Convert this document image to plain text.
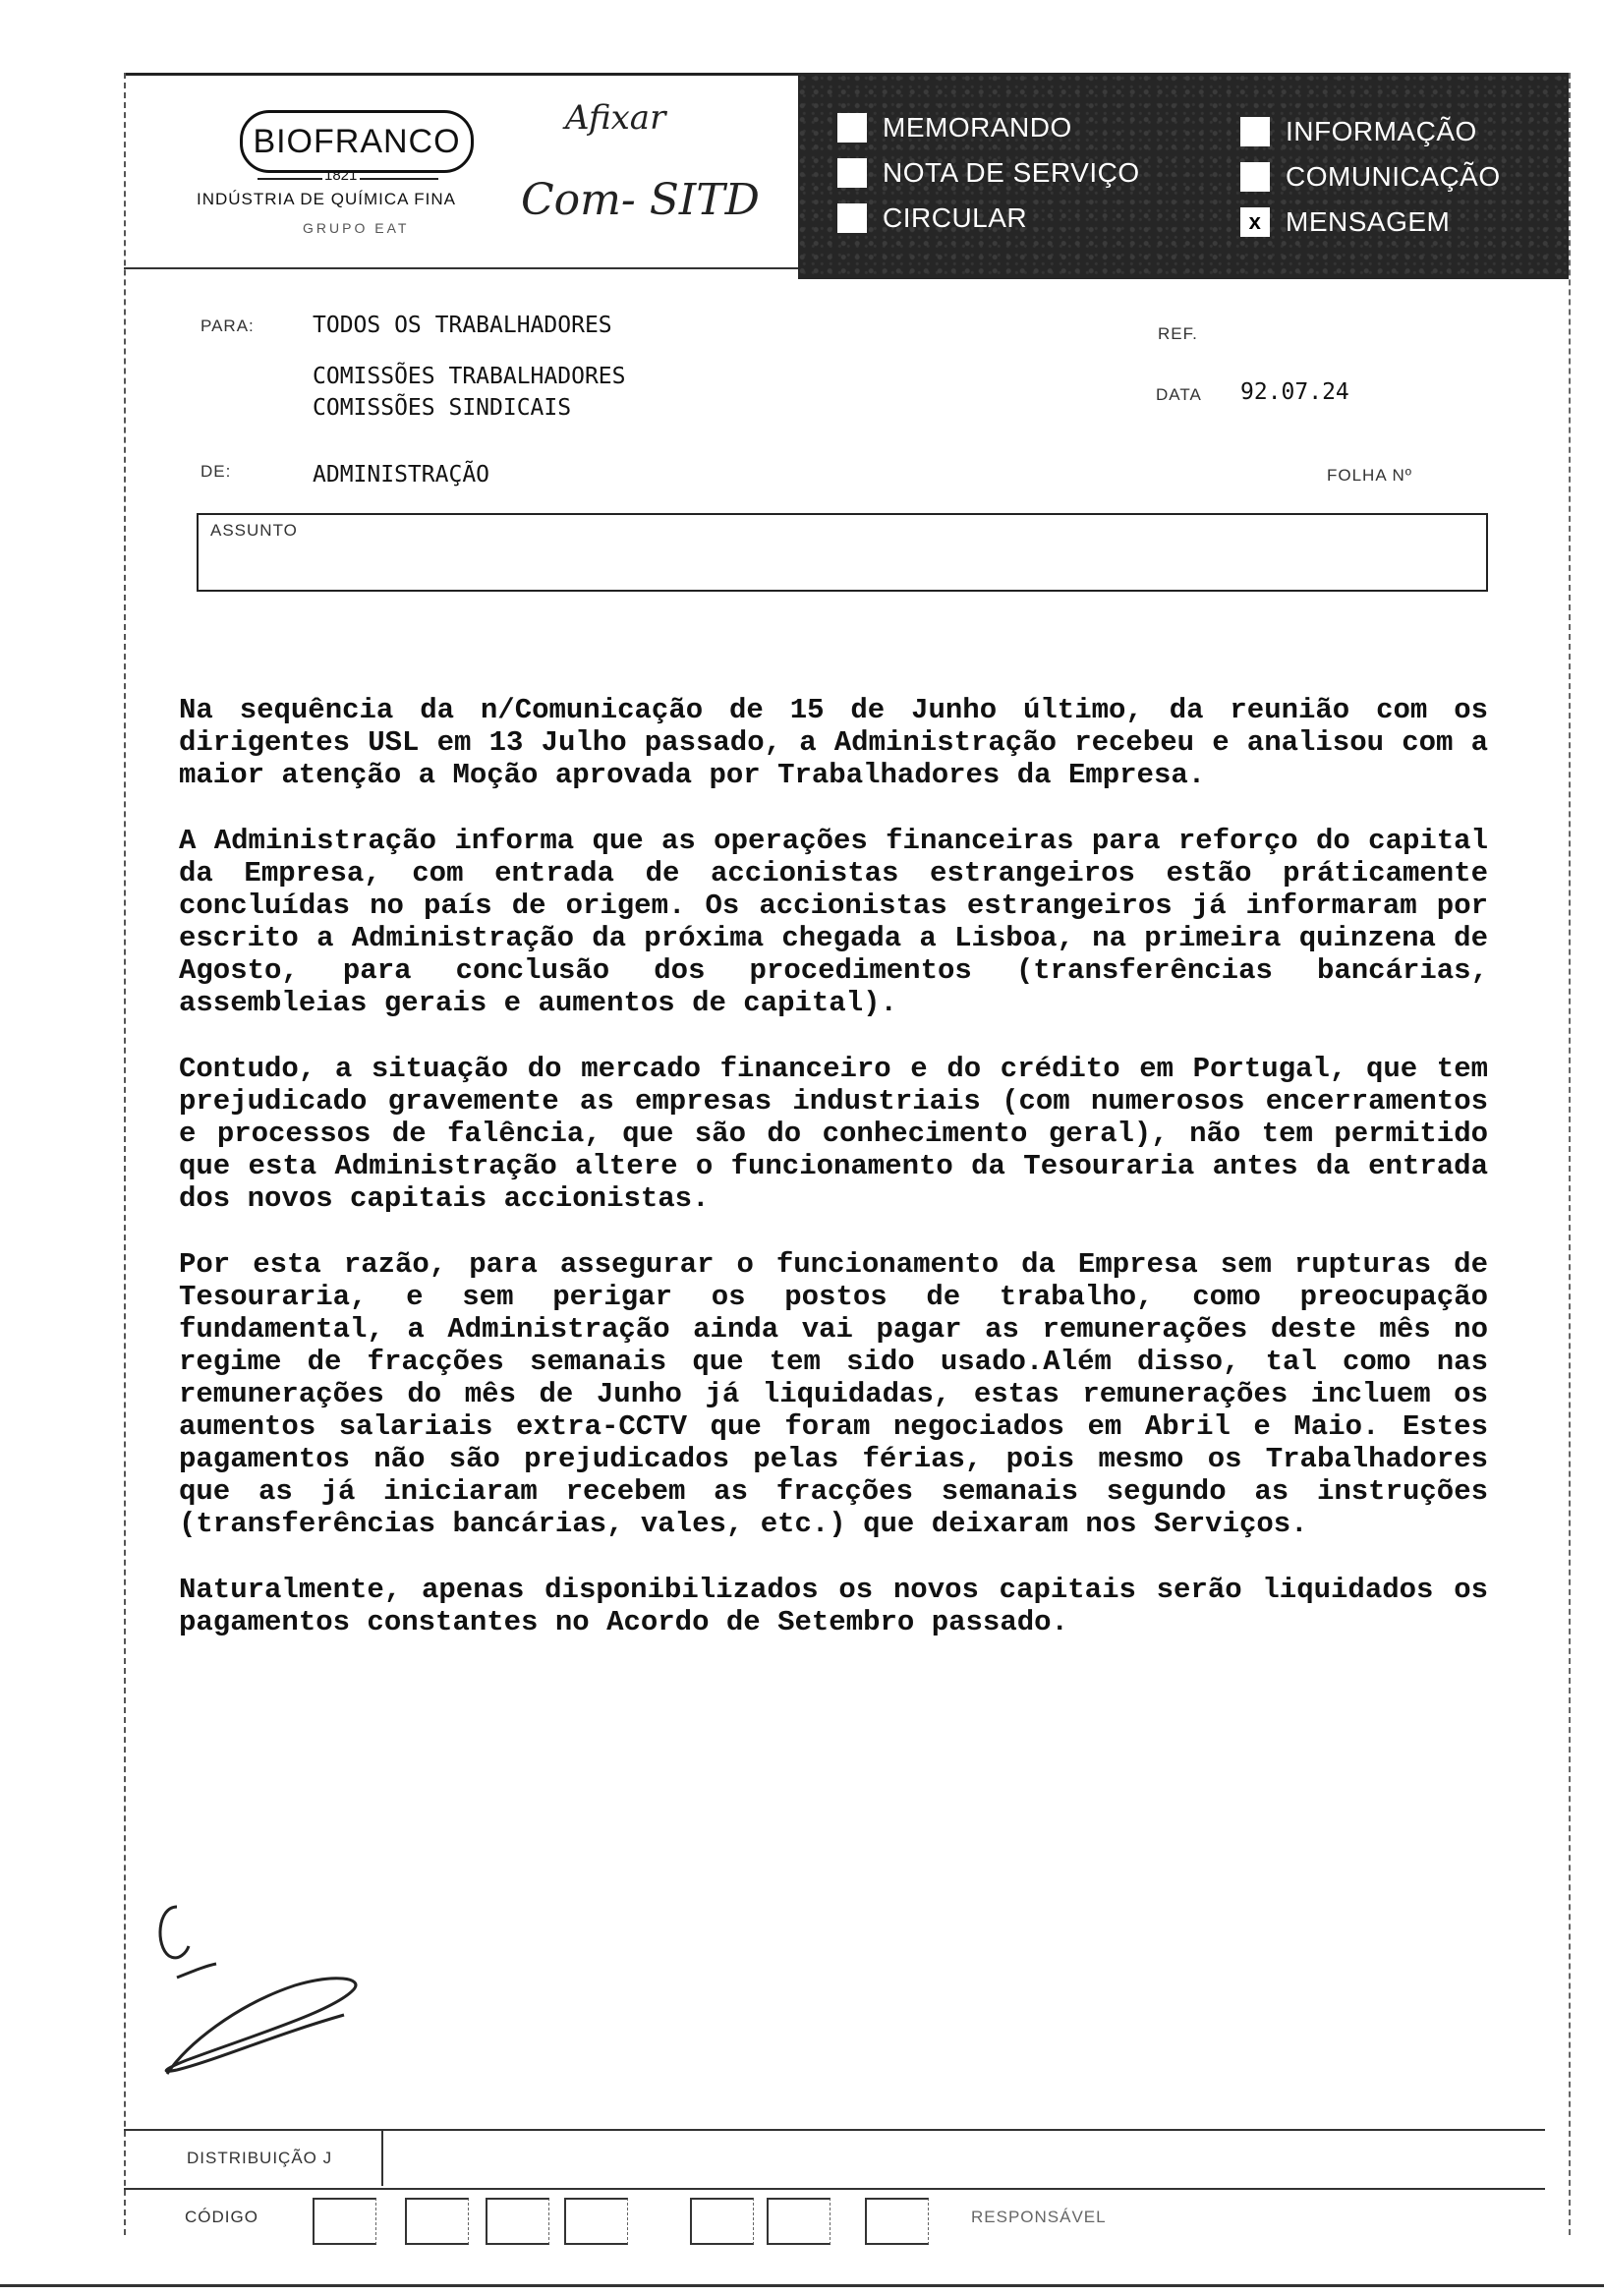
BIOFRANCO
1821
INDÚSTRIA DE QUÍMICA FINA
GRUPO EAT
Afixar
Com- SITD
MEMORANDO
NOTA DE SERVIÇO
CIRCULAR
INFORMAÇÃO
COMUNICAÇÃO
x MENSAGEM
PARA:	TODOS OS TRABALHADORES
COMISSÕES TRABALHADORES
COMISSÕES SINDICAIS
REF.
DATA 92.07.24
DE:	ADMINISTRAÇÃO	FOLHA Nº
ASSUNTO

Na sequência da n/Comunicação de 15 de Junho último, da reunião com os dirigentes USL em 13 Julho passado, a Administração recebeu e analisou com a maior atenção a Moção aprovada por Trabalhadores da Empresa.

A Administração informa que as operações financeiras para reforço do capital da Empresa, com entrada de accionistas estrangeiros estão práticamente concluídas no país de origem. Os accionistas estrangeiros já informaram por escrito a Administração da próxima chegada a Lisboa, na primeira quinzena de Agosto, para conclusão dos procedimentos (transferências bancárias, assembleias gerais e aumentos de capital).

Contudo, a situação do mercado financeiro e do crédito em Portugal, que tem prejudicado gravemente as empresas industriais (com numerosos encerramentos e processos de falência, que são do conhecimento geral), não tem permitido que esta Administração altere o funcionamento da Tesouraria antes da entrada dos novos capitais accionistas.

Por esta razão, para assegurar o funcionamento da Empresa sem rupturas de Tesouraria, e sem perigar os postos de trabalho, como preocupação fundamental, a Administração ainda vai pagar as remunerações deste mês no regime de fracções semanais que tem sido usado.Além disso, tal como nas remunerações do mês de Junho já liquidadas, estas remunerações incluem os aumentos salariais extra-CCTV que foram negociados em Abril e Maio. Estes pagamentos não são prejudicados pelas férias, pois mesmo os Trabalhadores que as já iniciaram recebem as fracções semanais segundo as instruções (transferências bancárias, vales, etc.) que deixaram nos Serviços.

Naturalmente, apenas disponibilizados os novos capitais serão liquidados os pagamentos constantes no Acordo de Setembro passado.

DISTRIBUIÇÃO J
CÓDIGO	RESPONSÁVEL
